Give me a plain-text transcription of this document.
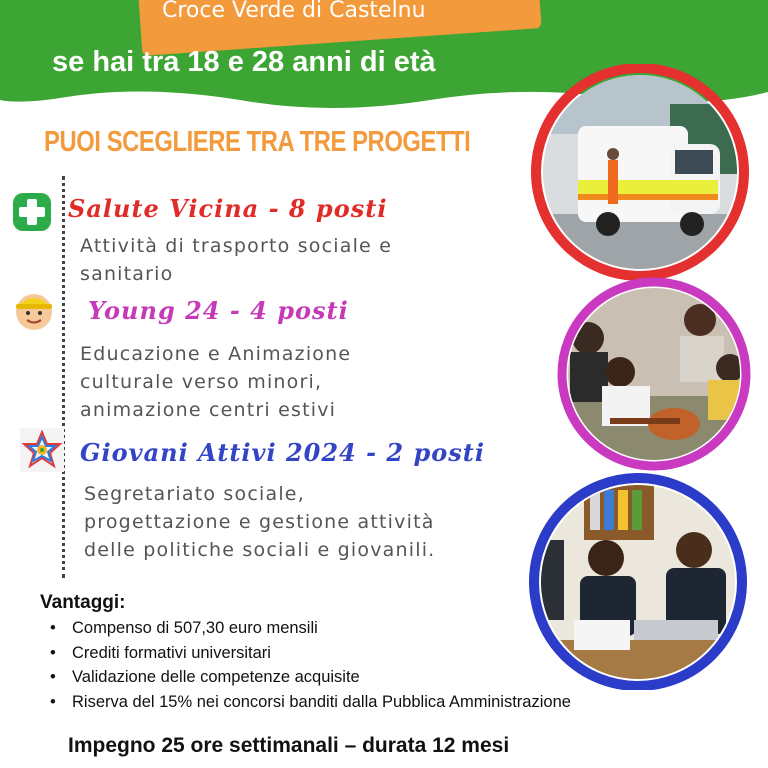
Croce Verde di Castelnu
se hai tra 18 e 28 anni di età
PUOI SCEGLIERE TRA TRE PROGETTI
Salute Vicina - 8 posti
Attività di trasporto sociale e
sanitario
Young 24 - 4 posti
Educazione e Animazione
culturale verso minori,
animazione centri estivi
Giovani Attivi 2024 - 2 posti
Segretariato sociale,
progettazione e gestione attività
delle politiche sociali e giovanili.
Vantaggi:
• Compenso di 507,30 euro mensili
• Crediti formativi universitari
• Validazione delle competenze acquisite
• Riserva del 15% nei concorsi banditi dalla Pubblica Amministrazione
Impegno 25 ore settimanali – durata 12 mesi
